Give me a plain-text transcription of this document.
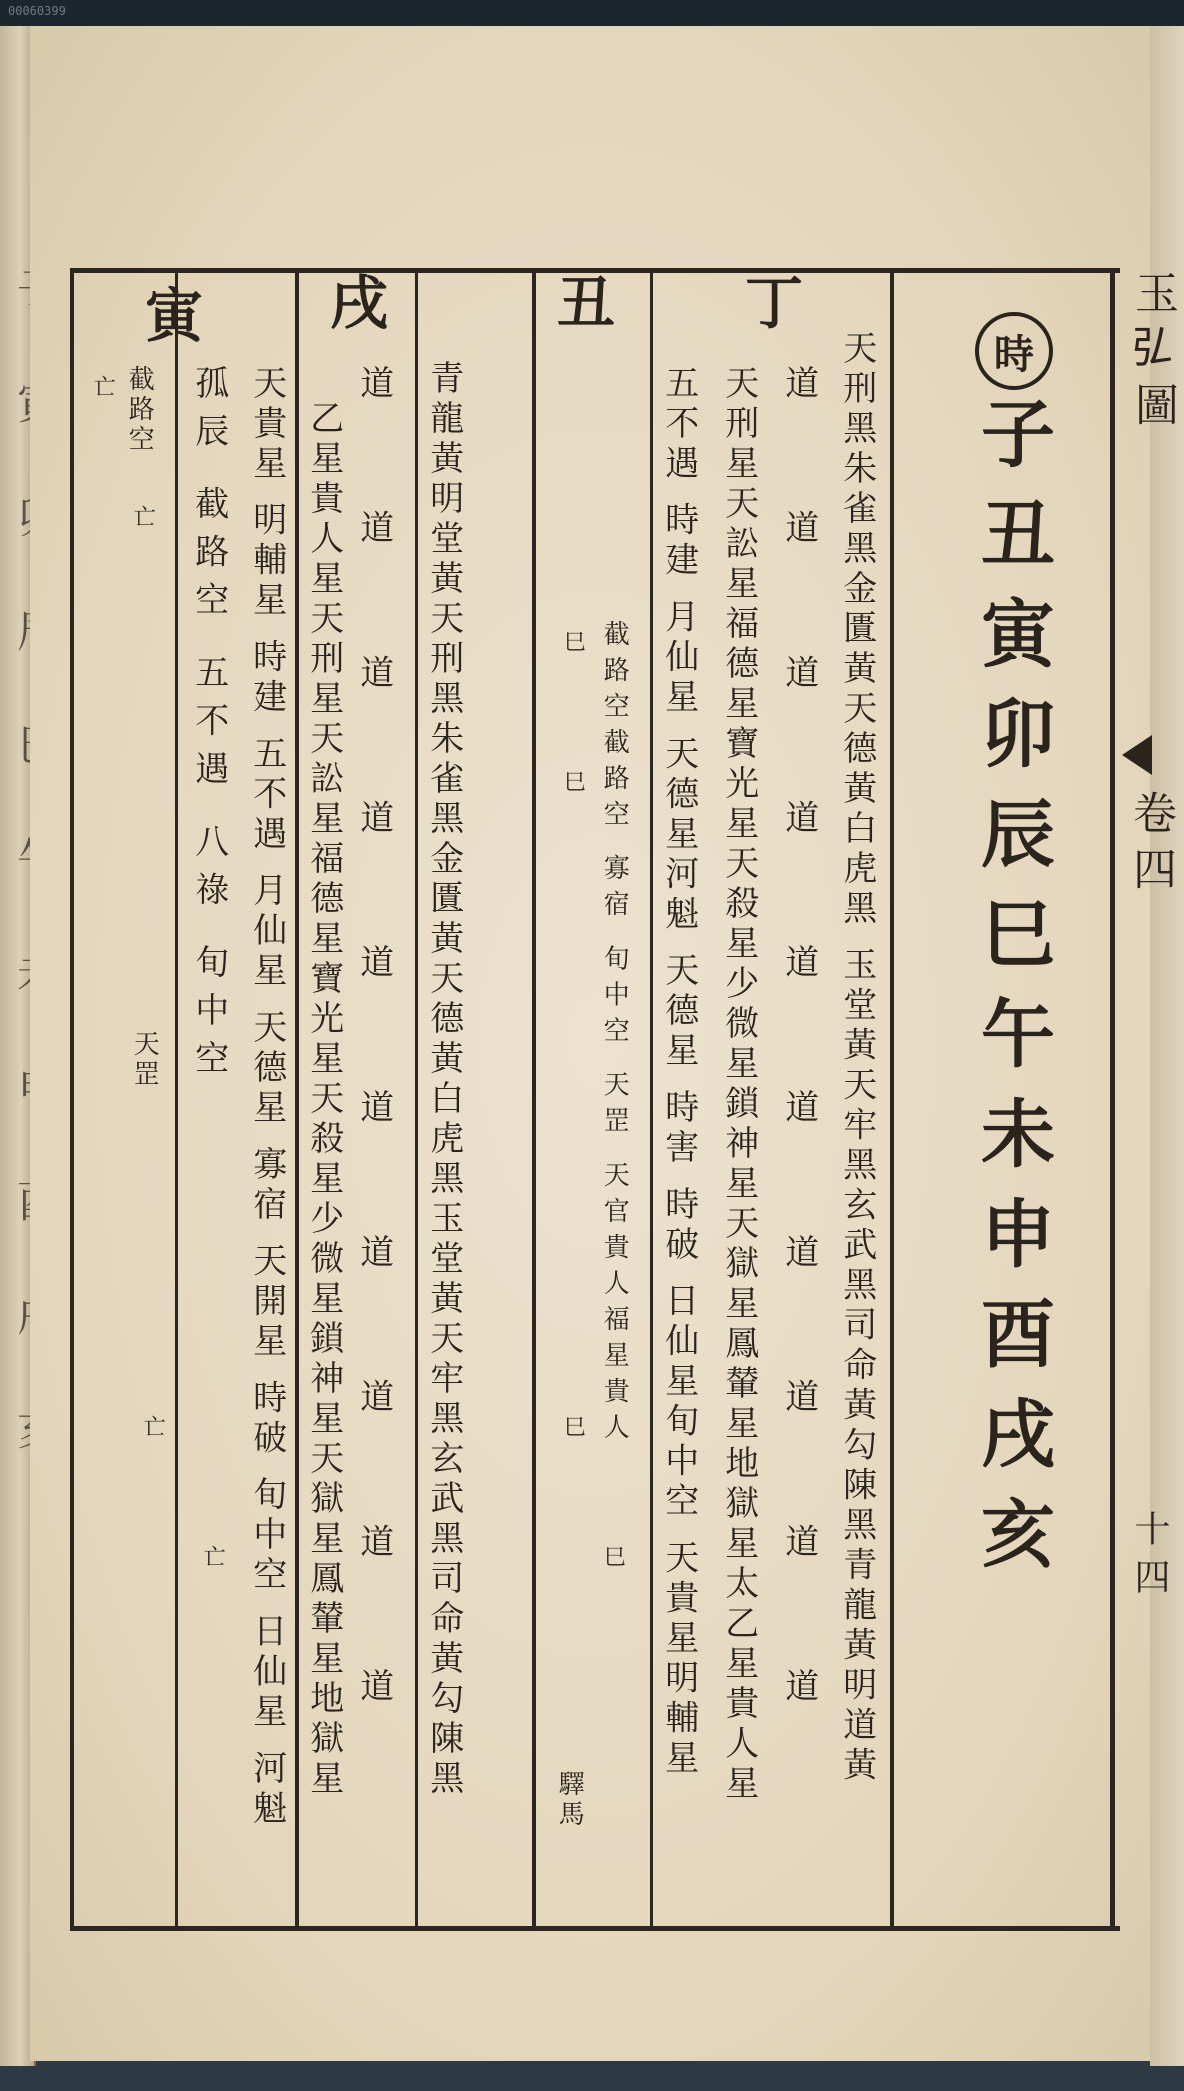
00060399
玉𢎞圖
卷四
十四
時
子丑寅卯辰巳午未申酉戌亥
天刑黑朱雀黑金匱黃天德黃白虎黑 玉堂黃天牢黑玄武黑司命黃勾陳黑青龍黃明道黃
丁
道 道 道 道 道 道 道 道 道 道
天刑星天訟星福德星寶光星天殺星少微星鎖神星天獄星鳳輦星地獄星太乙星貴人星
五不遇 時建 月仙星 天德星河魁 天德星 時害 時破 日仙星旬中空 天貴星明輔星
截路空截路空 寡宿 旬中空 天罡 天官貴人福星貴人
丑
驛馬
青龍黃明堂黃天刑黑朱雀黑金匱黃天德黃白虎黑玉堂黃天牢黑玄武黑司命黃勾陳黑
戌
道 道 道 道 道 道 道 道 道 道
乙星貴人星天刑星天訟星福德星寶光星天殺星少微星鎖神星天獄星鳳輦星地獄星
天貴星 明輔星 時建 五不遇 月仙星 天德星 寡宿 天開星 時破 旬中空 日仙星 河魁
孤辰 截路空 五不遇 八祿 旬中空
寅
截路空
天罡
巳
巳
巳
巳
亡
亡
亡
亡
